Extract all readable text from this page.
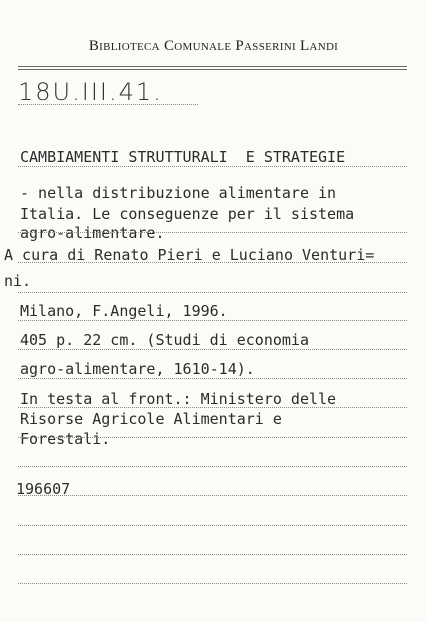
Biblioteca Comunale Passerini Landi
18U.III.41.
CAMBIAMENTI STRUTTURALI  E STRATEGIE
- nella distribuzione alimentare in
Italia. Le conseguenze per il sistema
agro-alimentare.
A cura di Renato Pieri e Luciano Venturi=
ni.
Milano, F.Angeli, 1996.
405 p. 22 cm. (Studi di economia
agro-alimentare, 1610-14).
In testa al front.: Ministero delle
Risorse Agricole Alimentari e
Forestali.
196607
